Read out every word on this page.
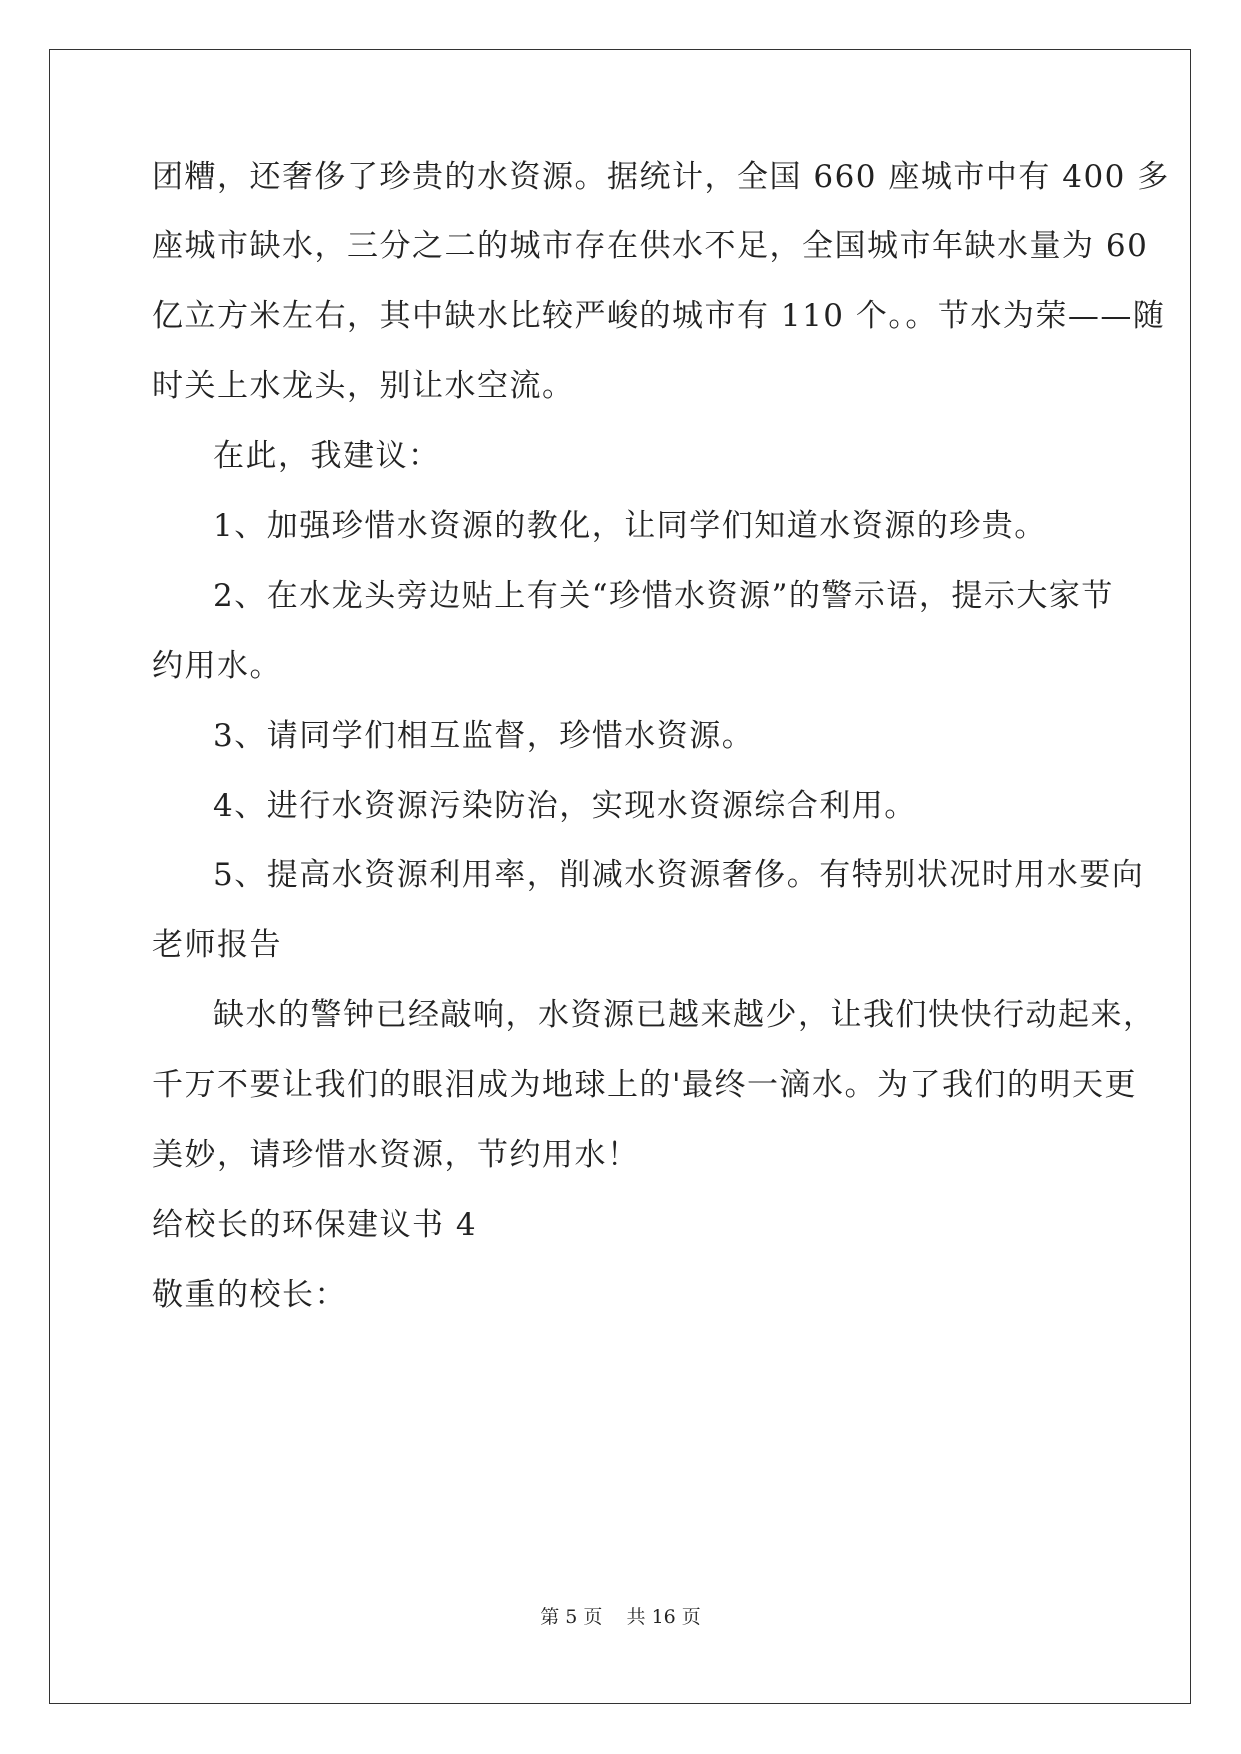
团糟，还奢侈了珍贵的水资源。据统计，全国 660 座城市中有 400 多
座城市缺水，三分之二的城市存在供水不足，全国城市年缺水量为 60
亿立方米左右，其中缺水比较严峻的城市有 110 个。。节水为荣——随
时关上水龙头，别让水空流。
在此，我建议：
1、加强珍惜水资源的教化，让同学们知道水资源的珍贵。
2、在水龙头旁边贴上有关“珍惜水资源”的警示语，提示大家节
约用水。
3、请同学们相互监督，珍惜水资源。
4、进行水资源污染防治，实现水资源综合利用。
5、提高水资源利用率，削减水资源奢侈。有特别状况时用水要向
老师报告
缺水的警钟已经敲响，水资源已越来越少，让我们快快行动起来，
千万不要让我们的眼泪成为地球上的'最终一滴水。为了我们的明天更
美妙，请珍惜水资源，节约用水！
给校长的环保建议书 4
敬重的校长：
第 5 页    共 16 页
